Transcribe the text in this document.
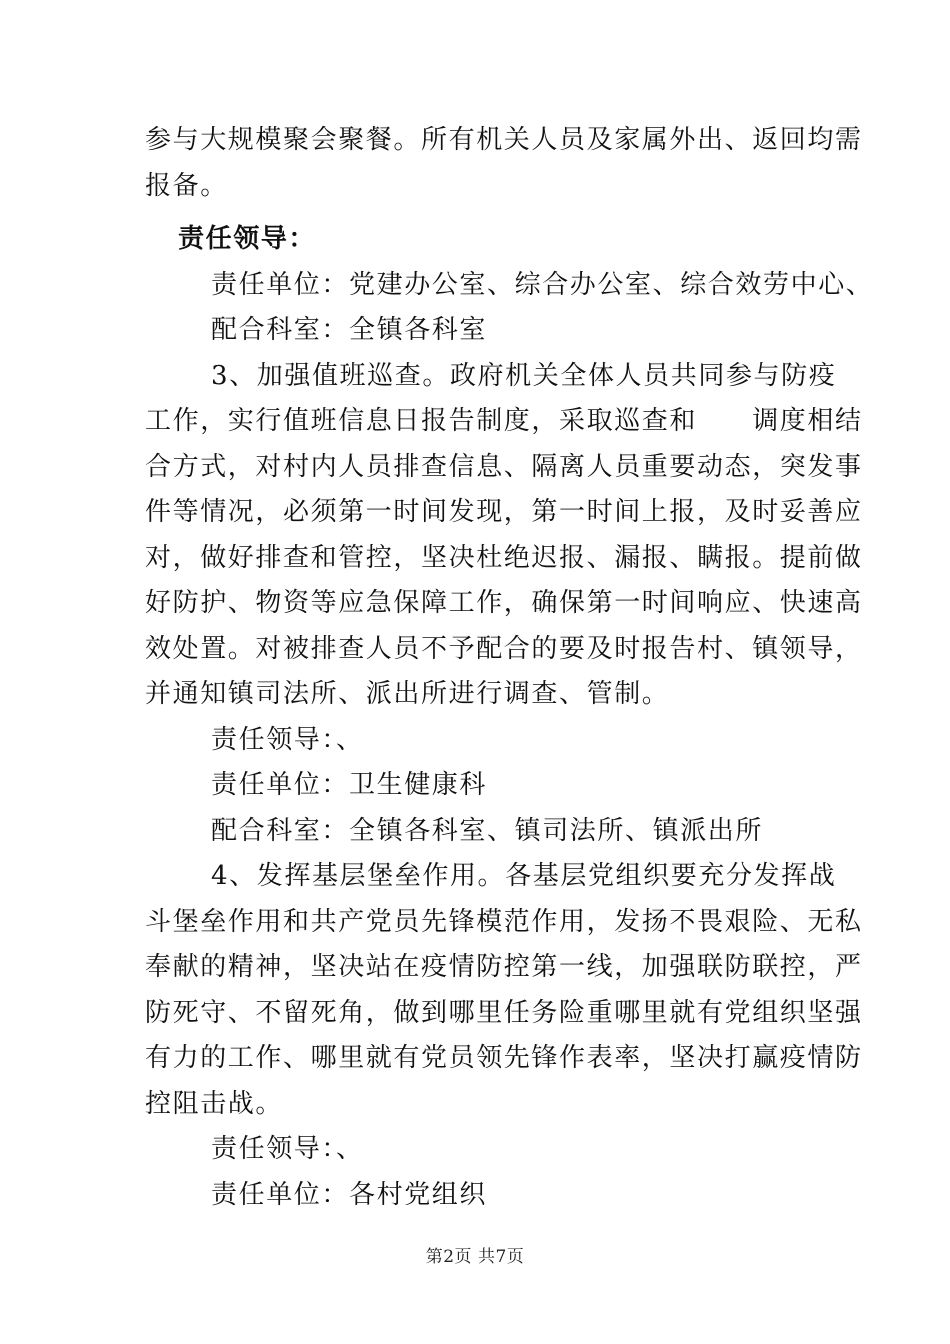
参与大规模聚会聚餐。所有机关人员及家属外出、返回均需
报备。
责任领导：
责任单位：党建办公室、综合办公室、综合效劳中心、
配合科室：全镇各科室
3、加强值班巡查。政府机关全体人员共同参与防疫
工作，实行值班信息日报告制度，采取巡查和　　调度相结
合方式，对村内人员排查信息、隔离人员重要动态，突发事
件等情况，必须第一时间发现，第一时间上报，及时妥善应
对，做好排查和管控，坚决杜绝迟报、漏报、瞒报。提前做
好防护、物资等应急保障工作，确保第一时间响应、快速高
效处置。对被排查人员不予配合的要及时报告村、镇领导，
并通知镇司法所、派出所进行调查、管制。
责任领导：、
责任单位：卫生健康科
配合科室：全镇各科室、镇司法所、镇派出所
4、发挥基层堡垒作用。各基层党组织要充分发挥战
斗堡垒作用和共产党员先锋模范作用，发扬不畏艰险、无私
奉献的精神，坚决站在疫情防控第一线，加强联防联控，严
防死守、不留死角，做到哪里任务险重哪里就有党组织坚强
有力的工作、哪里就有党员领先锋作表率，坚决打赢疫情防
控阻击战。
责任领导：、
责任单位：各村党组织
第2页 共7页
